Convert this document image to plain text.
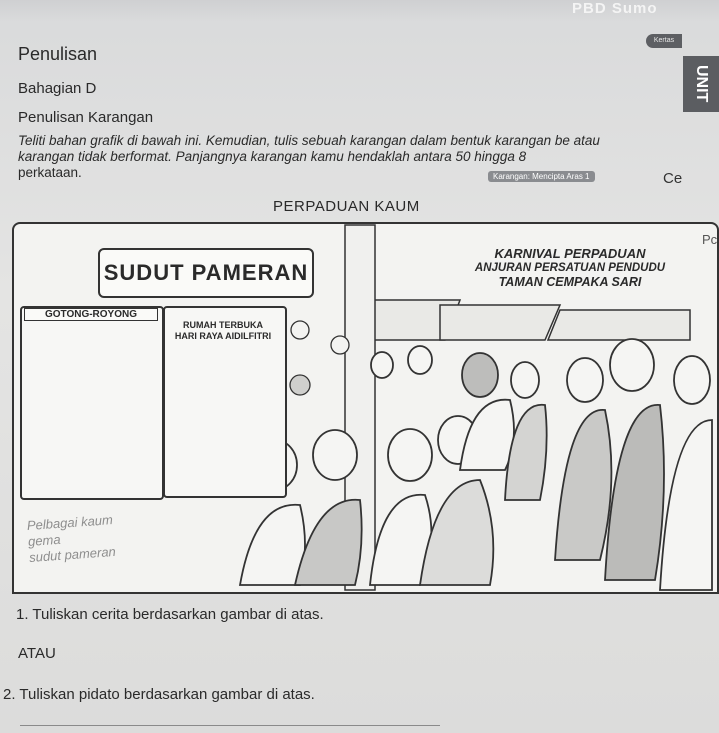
PBD Sumo
Kertas
UNIT
Penulisan
Bahagian D
Penulisan Karangan
Teliti bahan grafik di bawah ini. Kemudian, tulis sebuah karangan dalam bentuk karangan be atau karangan tidak berformat. Panjangnya karangan kamu hendaklah antara 50 hingga 8
perkataan.	Karangan: Mencipta Aras 1	Ce
PERPADUAN KAUM
Pc
SUDUT PAMERAN
KARNIVAL PERPADUAN
ANJURAN PERSATUAN PENDUDU
TAMAN CEMPAKA SARI
GOTONG-ROYONG
RUMAH TERBUKA
HARI RAYA AIDILFITRI
Pelbagai kaum
gema
sudut pameran
1. Tuliskan cerita berdasarkan gambar di atas.
ATAU
2. Tuliskan pidato berdasarkan gambar di atas.
